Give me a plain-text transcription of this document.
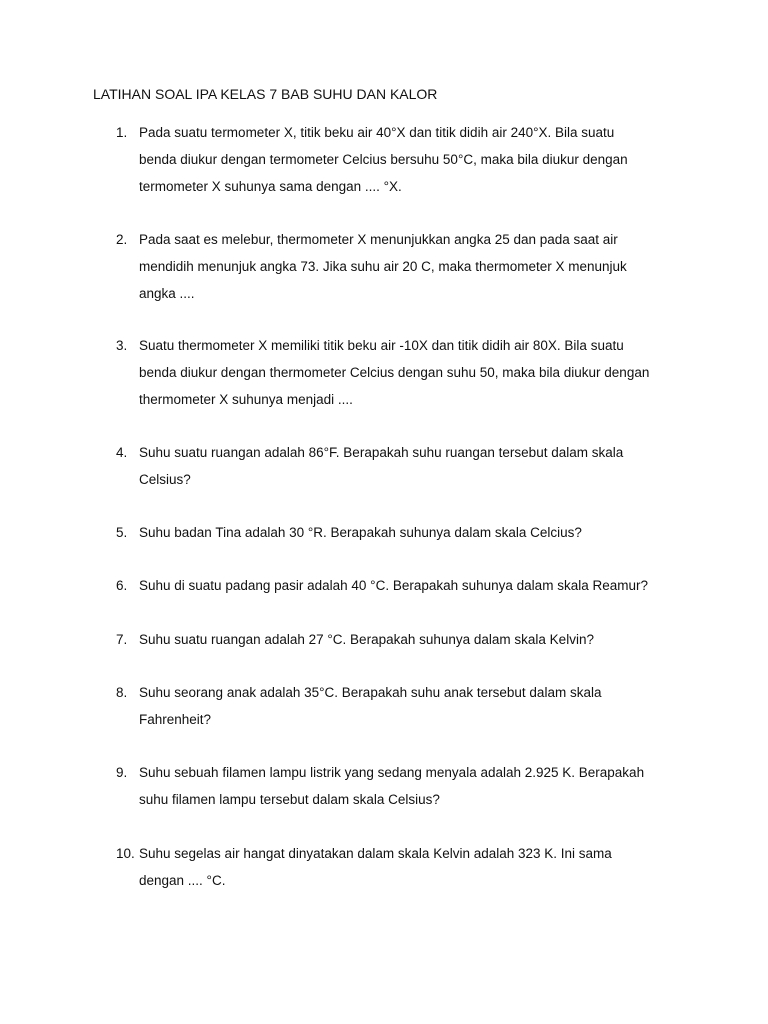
LATIHAN SOAL IPA KELAS 7 BAB SUHU DAN KALOR
1. Pada suatu termometer X, titik beku air 40°X dan titik didih air 240°X. Bila suatu
benda diukur dengan termometer Celcius bersuhu 50°C, maka bila diukur dengan
termometer X suhunya sama dengan .... °X.
2. Pada saat es melebur, thermometer X menunjukkan angka 25 dan pada saat air
mendidih menunjuk angka 73. Jika suhu air 20 C, maka thermometer X menunjuk
angka ....
3. Suatu thermometer X memiliki titik beku air -10X dan titik didih air 80X. Bila suatu
benda diukur dengan thermometer Celcius dengan suhu 50, maka bila diukur dengan
thermometer X suhunya menjadi ....
4. Suhu suatu ruangan adalah 86°F. Berapakah suhu ruangan tersebut dalam skala
Celsius?
5. Suhu badan Tina adalah 30 °R. Berapakah suhunya dalam skala Celcius?
6. Suhu di suatu padang pasir adalah 40 °C. Berapakah suhunya dalam skala Reamur?
7. Suhu suatu ruangan adalah 27 °C. Berapakah suhunya dalam skala Kelvin?
8. Suhu seorang anak adalah 35°C. Berapakah suhu anak tersebut dalam skala
Fahrenheit?
9. Suhu sebuah filamen lampu listrik yang sedang menyala adalah 2.925 K. Berapakah
suhu filamen lampu tersebut dalam skala Celsius?
10. Suhu segelas air hangat dinyatakan dalam skala Kelvin adalah 323 K. Ini sama
dengan .... °C.
